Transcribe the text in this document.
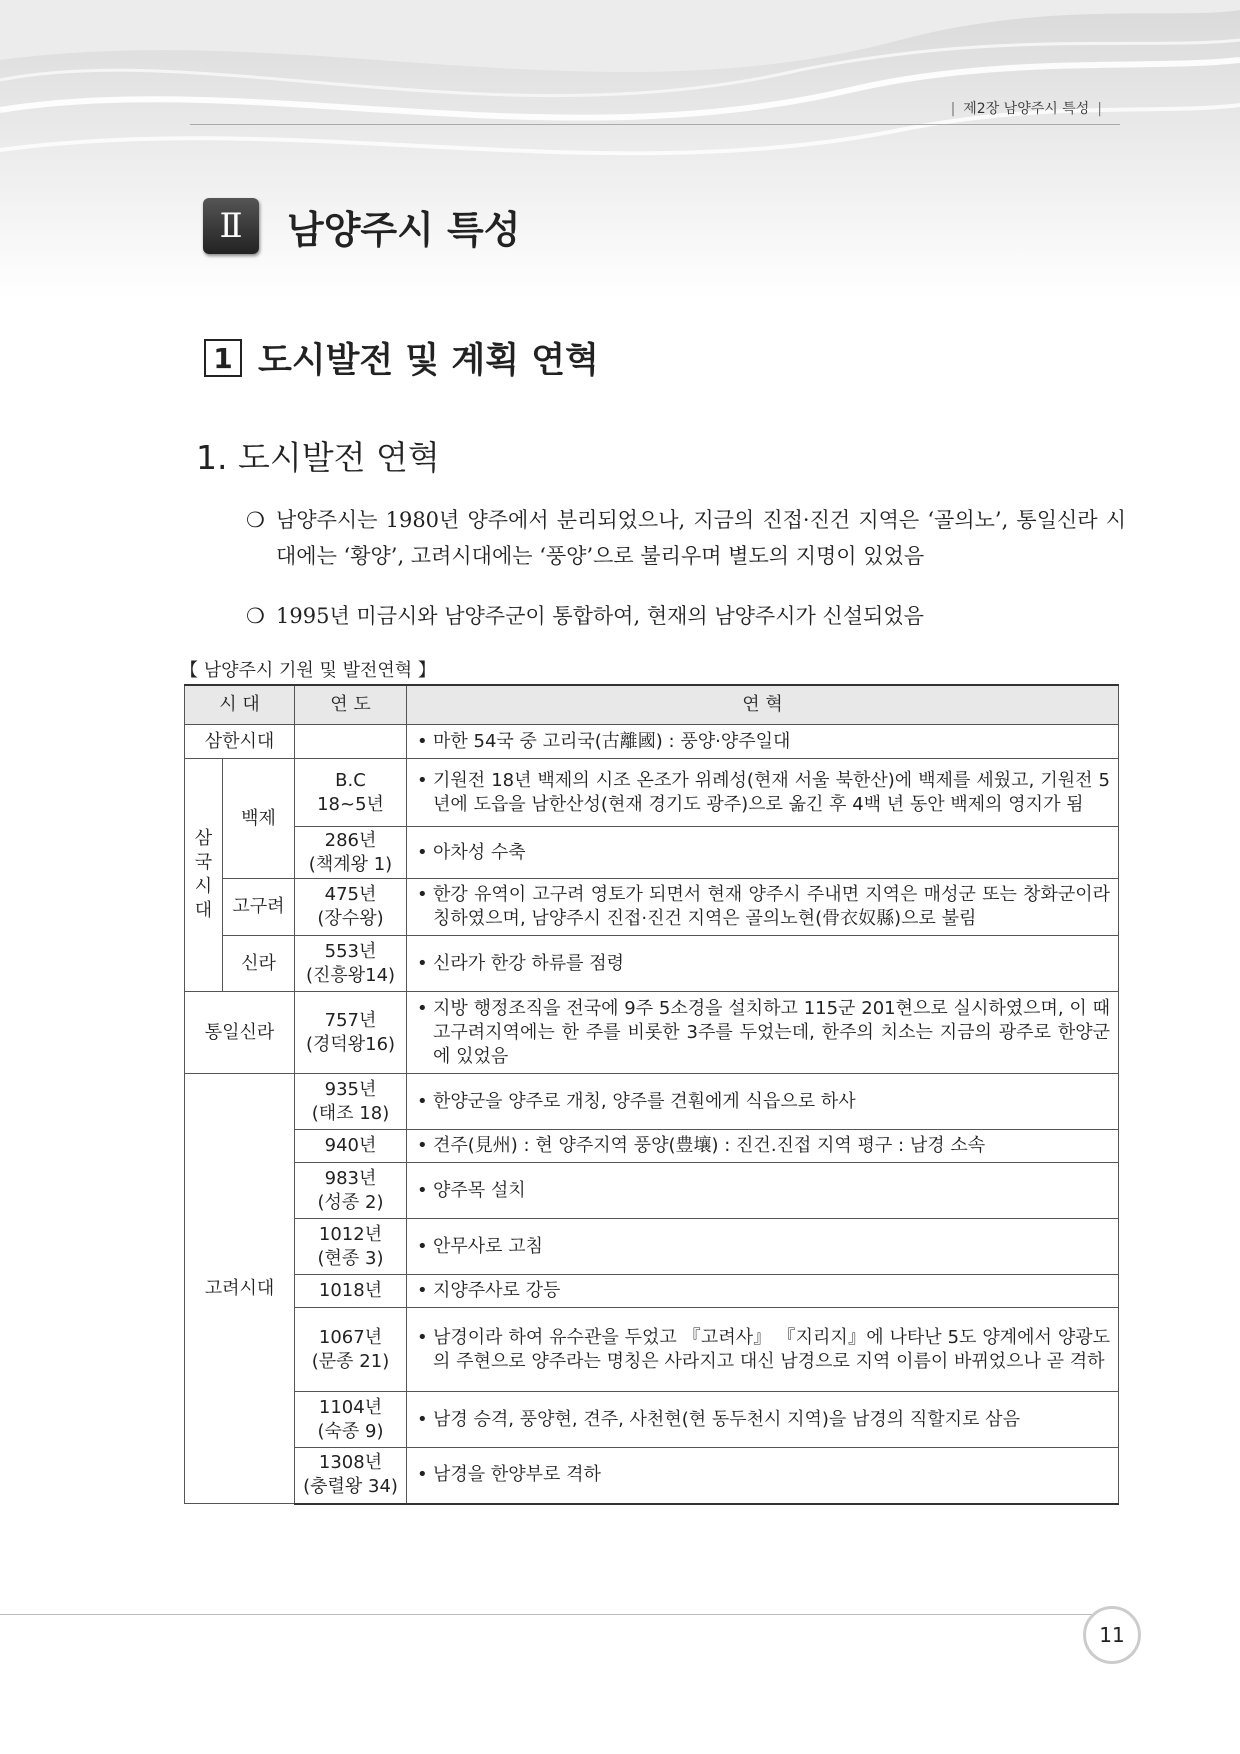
| 제2장 남양주시 특성 |
Ⅱ	남양주시 특성
1 도시발전 및 계획 연혁
1. 도시발전 연혁
❍ 남양주시는 1980년 양주에서 분리되었으나, 지금의 진접·진건 지역은 ‘골의노’, 통일신라 시대에는 ‘황양’, 고려시대에는 ‘풍양’으로 불리우며 별도의 지명이 있었음
❍ 1995년 미금시와 남양주군이 통합하여, 현재의 남양주시가 신설되었음
【 남양주시 기원 및 발전연혁 】
시 대		연 도	연 혁
삼한시대			• 마한 54국 중 고리국(古離國) : 풍양·양주일대

삼국시대	백제	B.C
18~5년	• 기원전 18년 백제의 시조 온조가 위례성(현재 서울 북한산)에 백제를 세웠고, 기원전 5년에 도읍을 남한산성(현재 경기도 광주)으로 옮긴 후 4백 년 동안 백제의 영지가 됨

		286년
(책계왕 1)	• 아차성 수축

	고구려	475년
(장수왕)	• 한강 유역이 고구려 영토가 되면서 현재 양주시 주내면 지역은 매성군 또는 창화군이라 칭하였으며, 남양주시 진접·진건 지역은 골의노현(骨衣奴縣)으로 불림

	신라	553년
(진흥왕14)	• 신라가 한강 하류를 점령

통일신라		757년
(경덕왕16)	• 지방 행정조직을 전국에 9주 5소경을 설치하고 115군 201현으로 실시하였으며, 이 때 고구려지역에는 한 주를 비롯한 3주를 두었는데, 한주의 치소는 지금의 광주로 한양군에 있었음

고려시대		935년
(태조 18)	• 한양군을 양주로 개칭, 양주를 견훤에게 식읍으로 하사

		940년	• 견주(見州) : 현 양주지역 풍양(豊壤) : 진건.진접 지역 평구 : 남경 소속

		983년
(성종 2)	• 양주목 설치

		1012년
(현종 3)	• 안무사로 고침

		1018년	• 지양주사로 강등

		1067년
(문종 21)	• 남경이라 하여 유수관을 두었고 『고려사』 『지리지』에 나타난 5도 양계에서 양광도의 주현으로 양주라는 명칭은 사라지고 대신 남경으로 지역 이름이 바뀌었으나 곧 격하

		1104년
(숙종 9)	• 남경 승격, 풍양현, 견주, 사천현(현 동두천시 지역)을 남경의 직할지로 삼음

		1308년
(충렬왕 34)	• 남경을 한양부로 격하
11
